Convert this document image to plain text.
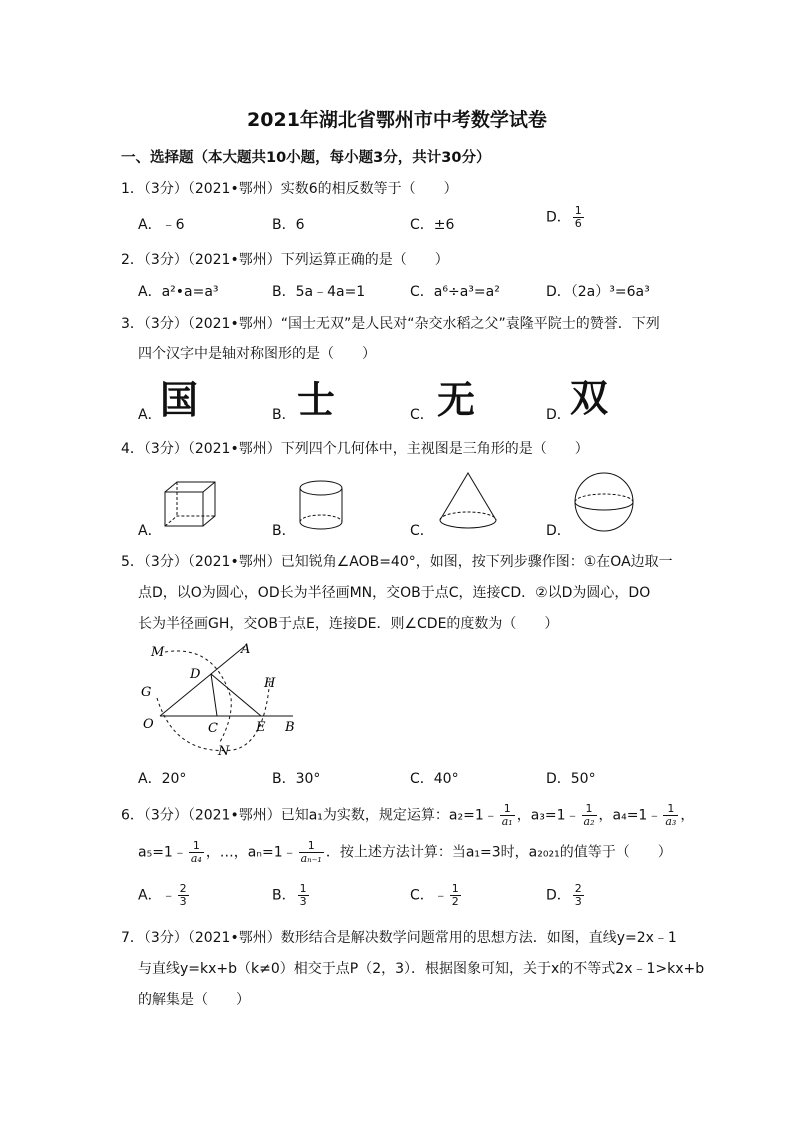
2021年湖北省鄂州市中考数学试卷
一、选择题（本大题共10小题，每小题3分，共计30分）
1．（3分）（2021•鄂州）实数6的相反数等于（　　）
A．﹣6	B．6	C．±6	D． $\frac{1}{6}$
2．（3分）（2021•鄂州）下列运算正确的是（　　）
A．a²•a=a³	B．5a﹣4a=1	C．a⁶÷a³=a²	D．（2a）³=6a³
3．（3分）（2021•鄂州）“国士无双”是人民对“杂交水稻之父”袁隆平院士的赞誉．下列
四个汉字中是轴对称图形的是（　　）
A．
国	B． 士	C． 无	D． 双
4．（3分）（2021•鄂州）下列四个几何体中，主视图是三角形的是（　　）
A．	B．	C．	D．
5．（3分）（2021•鄂州）已知锐角∠AOB=40°，如图，按下列步骤作图：①在OA边取一
点D，以O为圆心，OD长为半径画MN，交OB于点C，连接CD．②以D为圆心，DO
长为半径画GH，交OB于点E，连接DE．则∠CDE的度数为（　　）
M	A
D
H
G
O	C	E B
N
A．20°	B．30°	C．40°	D．50°
6．（3分）（2021•鄂州）已知a₁为实数，规定运算：a₂=1﹣ $\frac{1}{\text{a₁}}$ ，a₃=1﹣ $\frac{1}{\text{a₂}}$ ，a₄=1﹣ $\frac{1}{\text{a₃}}$ ，
a₅=1﹣ $\frac{1}{\text{a₄}}$ ，…，aₙ=1﹣ $\frac{1}{\text{aₙ₋₁}}$ ．按上述方法计算：当a₁=3时，a₂₀₂₁的值等于（　　）
A．﹣ $\frac{2}{3}$	B． $\frac{1}{3}$	C．﹣ $\frac{1}{2}$	D． $\frac{2}{3}$
7．（3分）（2021•鄂州）数形结合是解决数学问题常用的思想方法．如图，直线y=2x﹣1
与直线y=kx+b（k≠0）相交于点P（2，3）．根据图象可知，关于x的不等式2x﹣1>kx+b
的解集是（　　）
